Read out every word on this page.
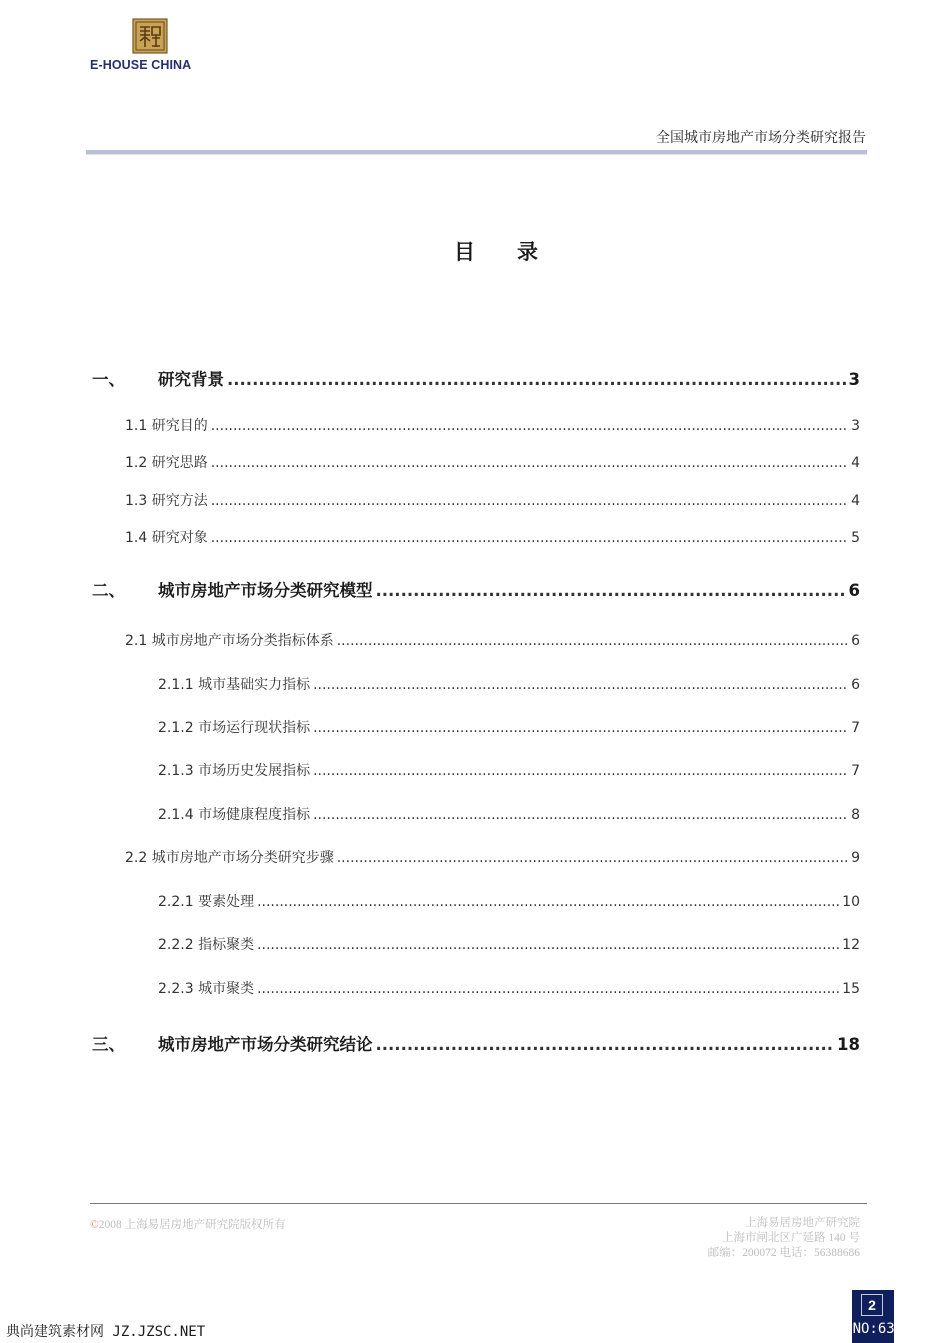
E-HOUSE CHINA
全国城市房地产市场分类研究报告
目录
一、	研究背景 .....	3
1.1 研究目的 .....	3
1.2 研究思路 .....	4
1.3 研究方法 .....	4
1.4 研究对象 .....	5
二、	城市房地产市场分类研究模型 .....	6
2.1 城市房地产市场分类指标体系 .....	6
2.1.1 城市基础实力指标 .....	6
2.1.2 市场运行现状指标 .....	7
2.1.3 市场历史发展指标 .....	7
2.1.4 市场健康程度指标 .....	8
2.2 城市房地产市场分类研究步骤 .....	9
2.2.1 要素处理 .....	10
2.2.2 指标聚类 .....	12
2.2.3 城市聚类 .....	15
三、	城市房地产市场分类研究结论 .....	18
©2008 上海易居房地产研究院版权所有	上海易居房地产研究院
上海市闸北区广延路 140 号
邮编：200072 电话：56388686
2
典尚建筑素材网 JZ.JZSC.NET	NO:63060
